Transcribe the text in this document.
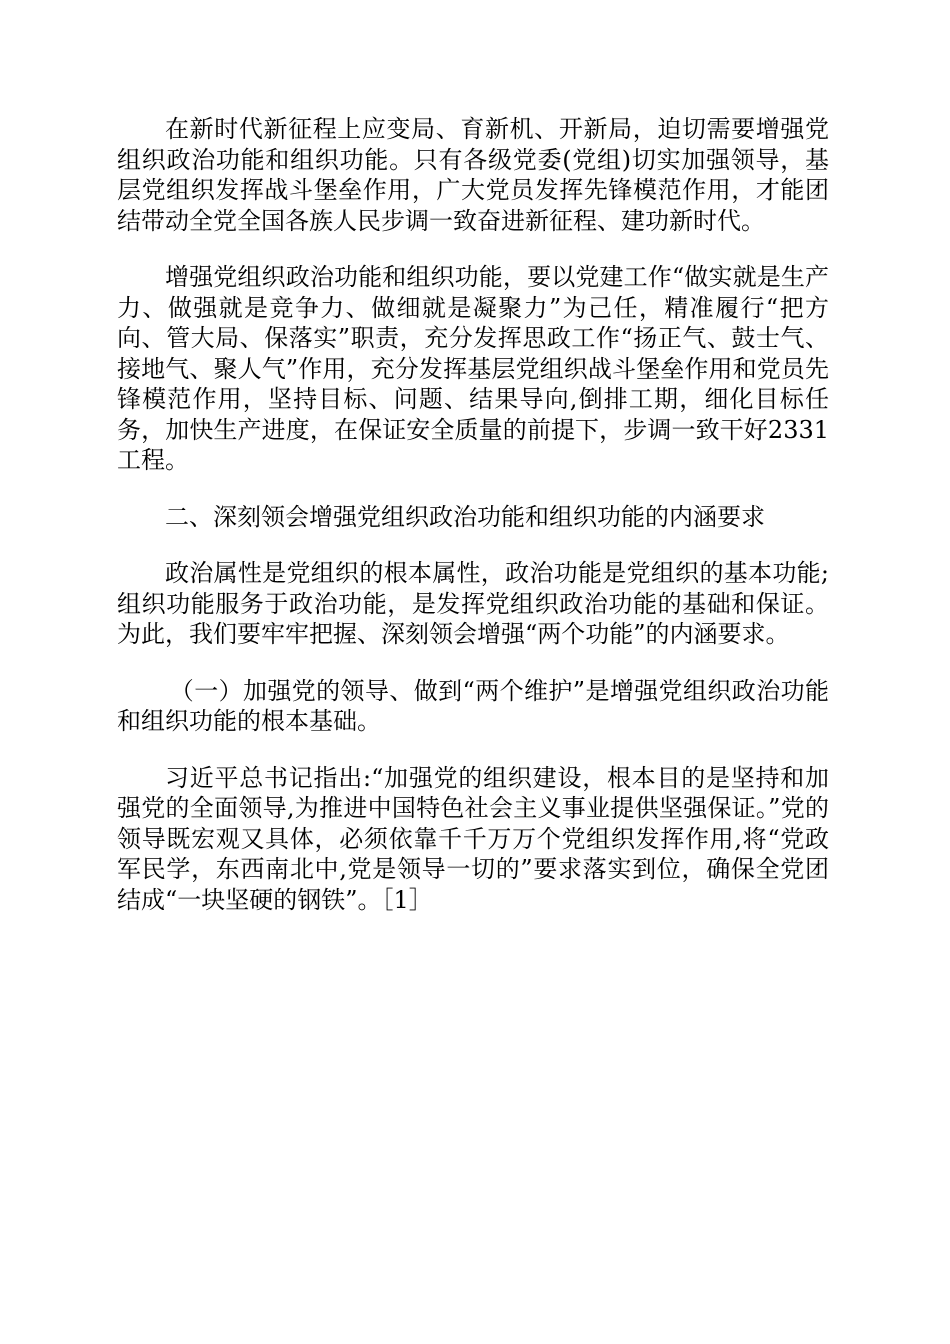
在新时代新征程上应变局、育新机、开新局，迫切需要增强党组织政治功能和组织功能。只有各级党委(党组)切实加强领导，基层党组织发挥战斗堡垒作用，广大党员发挥先锋模范作用，才能团结带动全党全国各族人民步调一致奋进新征程、建功新时代。

增强党组织政治功能和组织功能，要以党建工作“做实就是生产力、做强就是竞争力、做细就是凝聚力”为己任，精准履行“把方向、管大局、保落实”职责，充分发挥思政工作“扬正气、鼓士气、接地气、聚人气”作用，充分发挥基层党组织战斗堡垒作用和党员先锋模范作用，坚持目标、问题、结果导向,倒排工期，细化目标任务，加快生产进度，在保证安全质量的前提下，步调一致干好2331工程。

二、深刻领会增强党组织政治功能和组织功能的内涵要求

政治属性是党组织的根本属性，政治功能是党组织的基本功能;组织功能服务于政治功能，是发挥党组织政治功能的基础和保证。为此，我们要牢牢把握、深刻领会增强“两个功能”的内涵要求。

（一）加强党的领导、做到“两个维护”是增强党组织政治功能和组织功能的根本基础。

习近平总书记指出:“加强党的组织建设，根本目的是坚持和加强党的全面领导,为推进中国特色社会主义事业提供坚强保证。”党的领导既宏观又具体，必须依靠千千万万个党组织发挥作用,将“党政军民学，东西南北中,党是领导一切的”要求落实到位，确保全党团结成“一块坚硬的钢铁”。［1］
